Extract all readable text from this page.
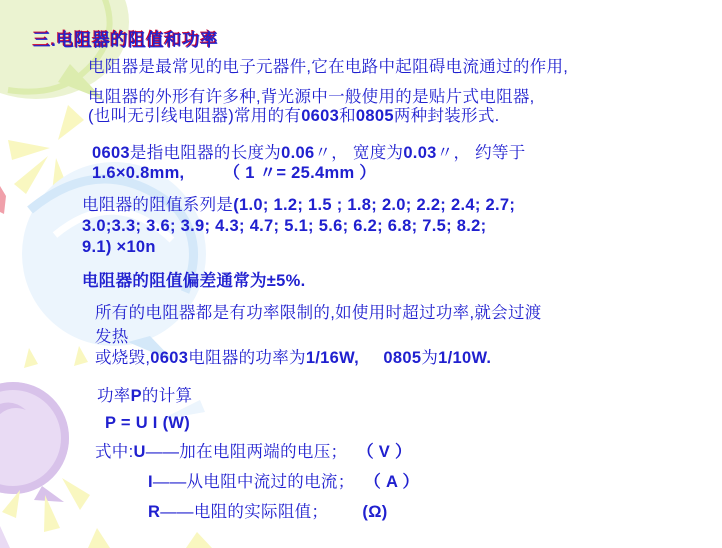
三.电阻器的阻值和功率
电阻器是最常见的电子元器件,它在电路中起阻碍电流通过的作用,
电阻器的外形有许多种,背光源中一般使用的是贴片式电阻器,
(也叫无引线电阻器)常用的有0603和0805两种封装形式.
0603是指电阻器的长度为0.06〃， 宽度为0.03〃， 约等于
1.6×0.8mm, （ 1 〃= 25.4mm ）
电阻器的阻值系列是(1.0; 1.2; 1.5 ; 1.8; 2.0; 2.2; 2.4; 2.7;
3.0;3.3; 3.6; 3.9; 4.3; 4.7; 5.1; 5.6; 6.2; 6.8; 7.5; 8.2;
9.1) ×10n
电阻器的阻值偏差通常为±5%.
所有的电阻器都是有功率限制的,如使用时超过功率,就会过渡
发热
或烧毁,0603电阻器的功率为1/16W, 0805为1/10W.
功率P的计算
P = U I (W)
式中:U——加在电阻两端的电压；  （ V ）
I——从电阻中流过的电流；  （ A ）
R——电阻的实际阻值；       (Ω)
